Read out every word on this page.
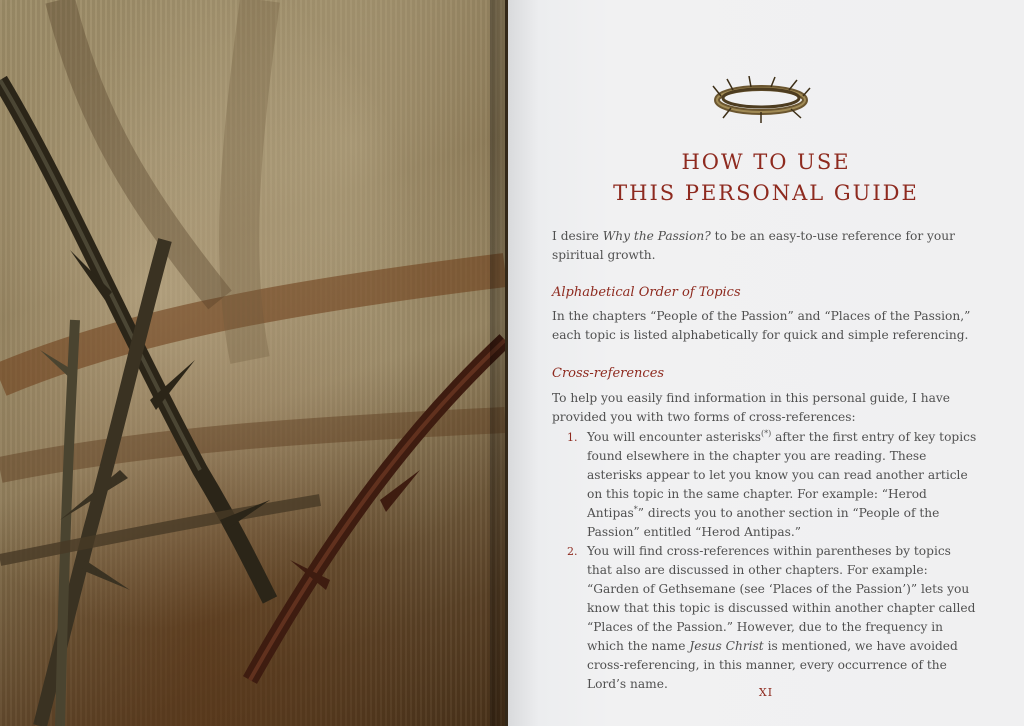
HOW TO USE
THIS PERSONAL GUIDE
I desire Why the Passion? to be an easy-to-use reference for your spiritual growth.
Alphabetical Order of Topics
In the chapters “People of the Passion” and “Places of the Passion,” each topic is listed alphabetically for quick and simple referencing.
Cross-references
To help you easily find information in this personal guide, I have provided you with two forms of cross-references:
1. You will encounter asterisks(*) after the first entry of key topics found elsewhere in the chapter you are reading. These asterisks appear to let you know you can read another article on this topic in the same chapter. For example: “Herod Antipas*” directs you to another section in “People of the Passion” entitled “Herod Antipas.”
2. You will find cross-references within parentheses by topics that also are discussed in other chapters. For example: “Garden of Gethsemane (see ‘Places of the Passion’)” lets you know that this topic is discussed within another chapter called “Places of the Passion.” However, due to the frequency in which the name Jesus Christ is mentioned, we have avoided cross-referencing, in this manner, every occurrence of the Lord’s name.
XI
